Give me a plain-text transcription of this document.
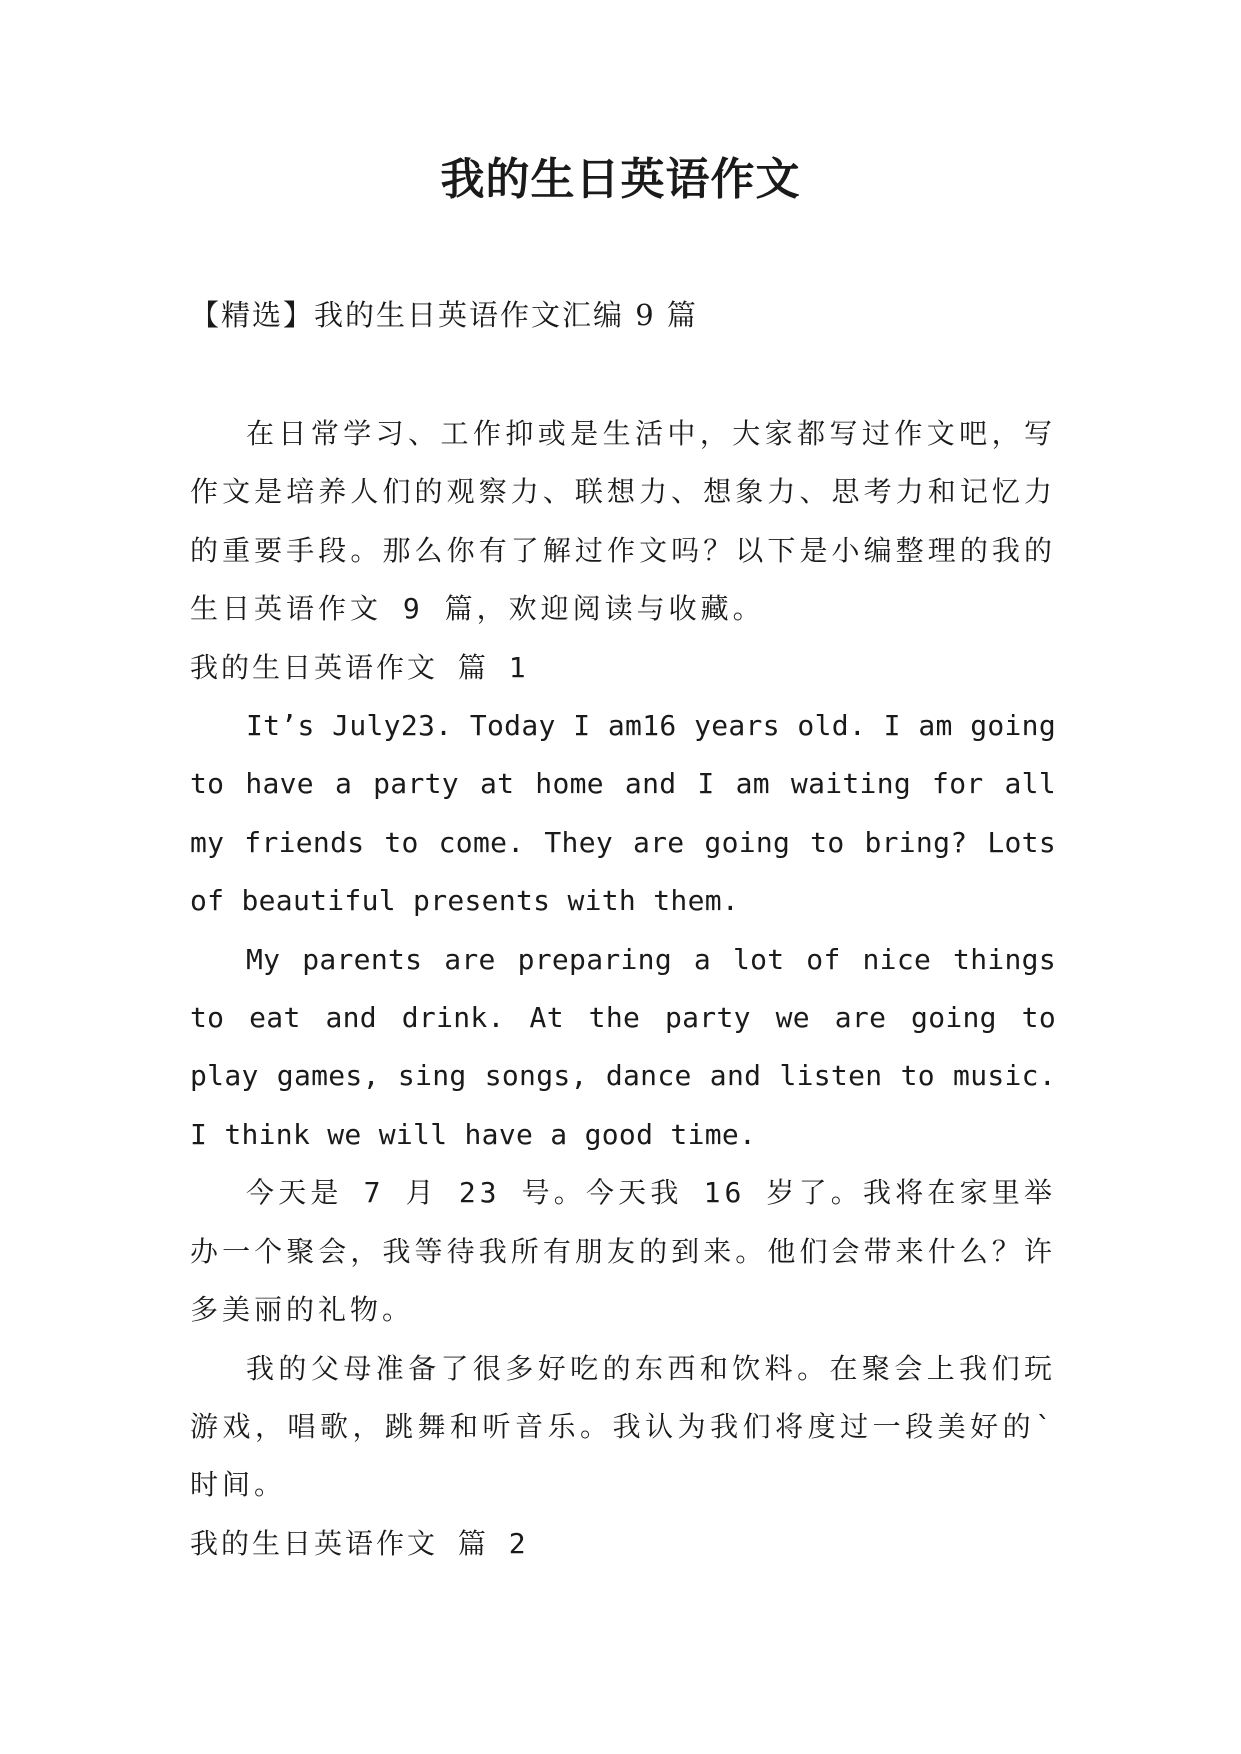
我的生日英语作文

【精选】我的生日英语作文汇编 9 篇

在日常学习、工作抑或是生活中，大家都写过作文吧，写作文是培养人们的观察力、联想力、想象力、思考力和记忆力的重要手段。那么你有了解过作文吗？以下是小编整理的我的生日英语作文 9 篇，欢迎阅读与收藏。

我的生日英语作文 篇 1

It’s July23. Today I am16 years old. I am going to have a party at home and I am waiting for all my friends to come. They are going to bring? Lots of beautiful presents with them.

My parents are preparing a lot of nice things to eat and drink. At the party we are going to play games, sing songs, dance and listen to music. I think we will have a good time.

今天是 7 月 23 号。今天我 16 岁了。我将在家里举办一个聚会，我等待我所有朋友的到来。他们会带来什么？许多美丽的礼物。

我的父母准备了很多好吃的东西和饮料。在聚会上我们玩游戏，唱歌，跳舞和听音乐。我认为我们将度过一段美好的`时间。

我的生日英语作文 篇 2
